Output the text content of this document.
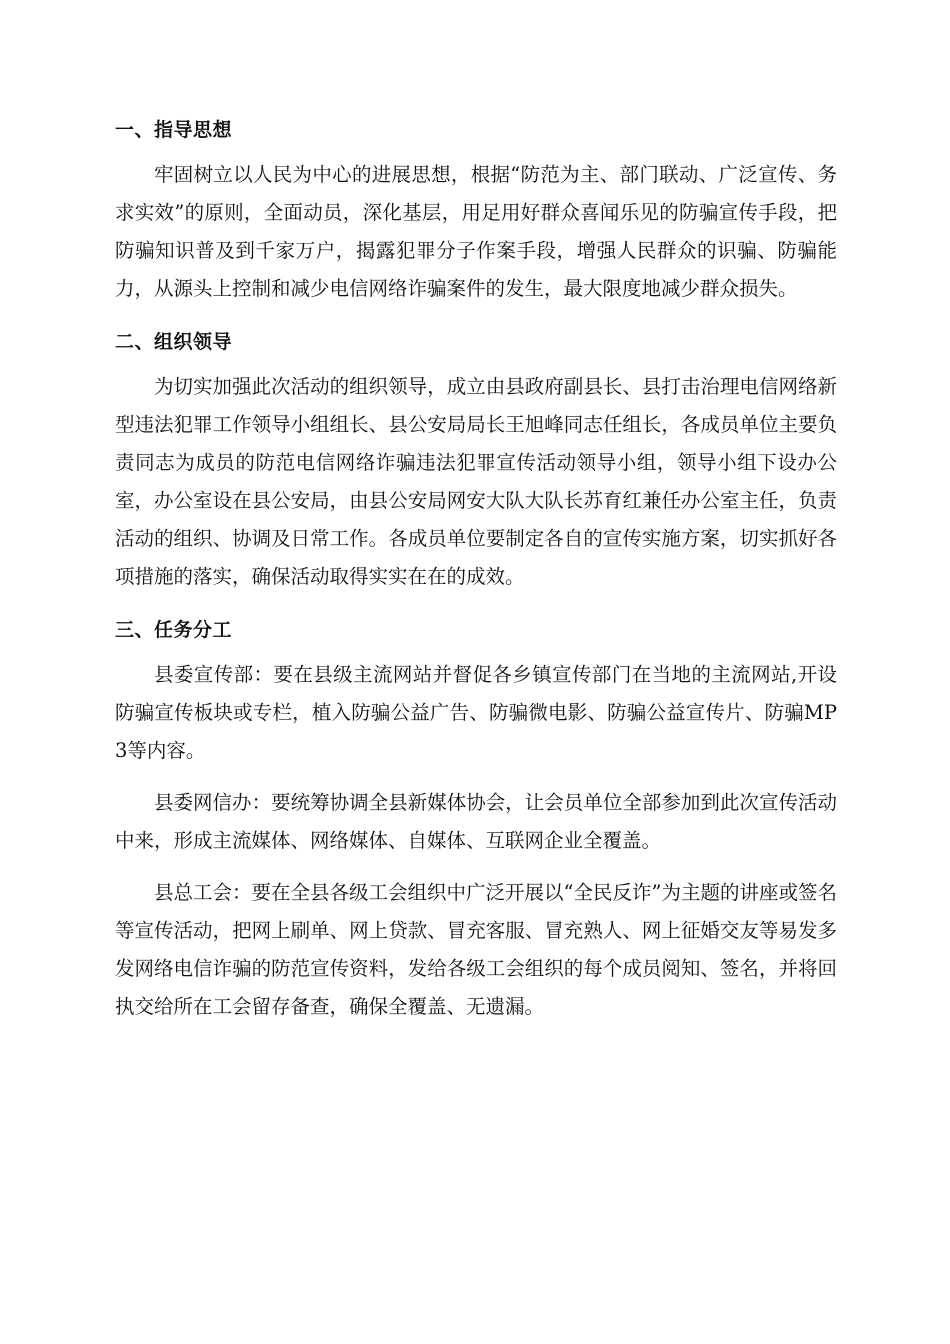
一、指导思想

牢固树立以人民为中心的进展思想，根据“防范为主、部门联动、广泛宣传、务求实效”的原则，全面动员，深化基层，用足用好群众喜闻乐见的防骗宣传手段，把防骗知识普及到千家万户，揭露犯罪分子作案手段，增强人民群众的识骗、防骗能力，从源头上控制和减少电信网络诈骗案件的发生，最大限度地减少群众损失。

二、组织领导

为切实加强此次活动的组织领导，成立由县政府副县长、县打击治理电信网络新型违法犯罪工作领导小组组长、县公安局局长王旭峰同志任组长，各成员单位主要负责同志为成员的防范电信网络诈骗违法犯罪宣传活动领导小组，领导小组下设办公室，办公室设在县公安局，由县公安局网安大队大队长苏育红兼任办公室主任，负责活动的组织、协调及日常工作。各成员单位要制定各自的宣传实施方案，切实抓好各项措施的落实，确保活动取得实实在在的成效。

三、任务分工

县委宣传部：要在县级主流网站并督促各乡镇宣传部门在当地的主流网站,开设防骗宣传板块或专栏，植入防骗公益广告、防骗微电影、防骗公益宣传片、防骗MP3等内容。

县委网信办：要统筹协调全县新媒体协会，让会员单位全部参加到此次宣传活动中来，形成主流媒体、网络媒体、自媒体、互联网企业全覆盖。

县总工会：要在全县各级工会组织中广泛开展以“全民反诈”为主题的讲座或签名等宣传活动，把网上刷单、网上贷款、冒充客服、冒充熟人、网上征婚交友等易发多发网络电信诈骗的防范宣传资料，发给各级工会组织的每个成员阅知、签名，并将回执交给所在工会留存备查，确保全覆盖、无遗漏。
